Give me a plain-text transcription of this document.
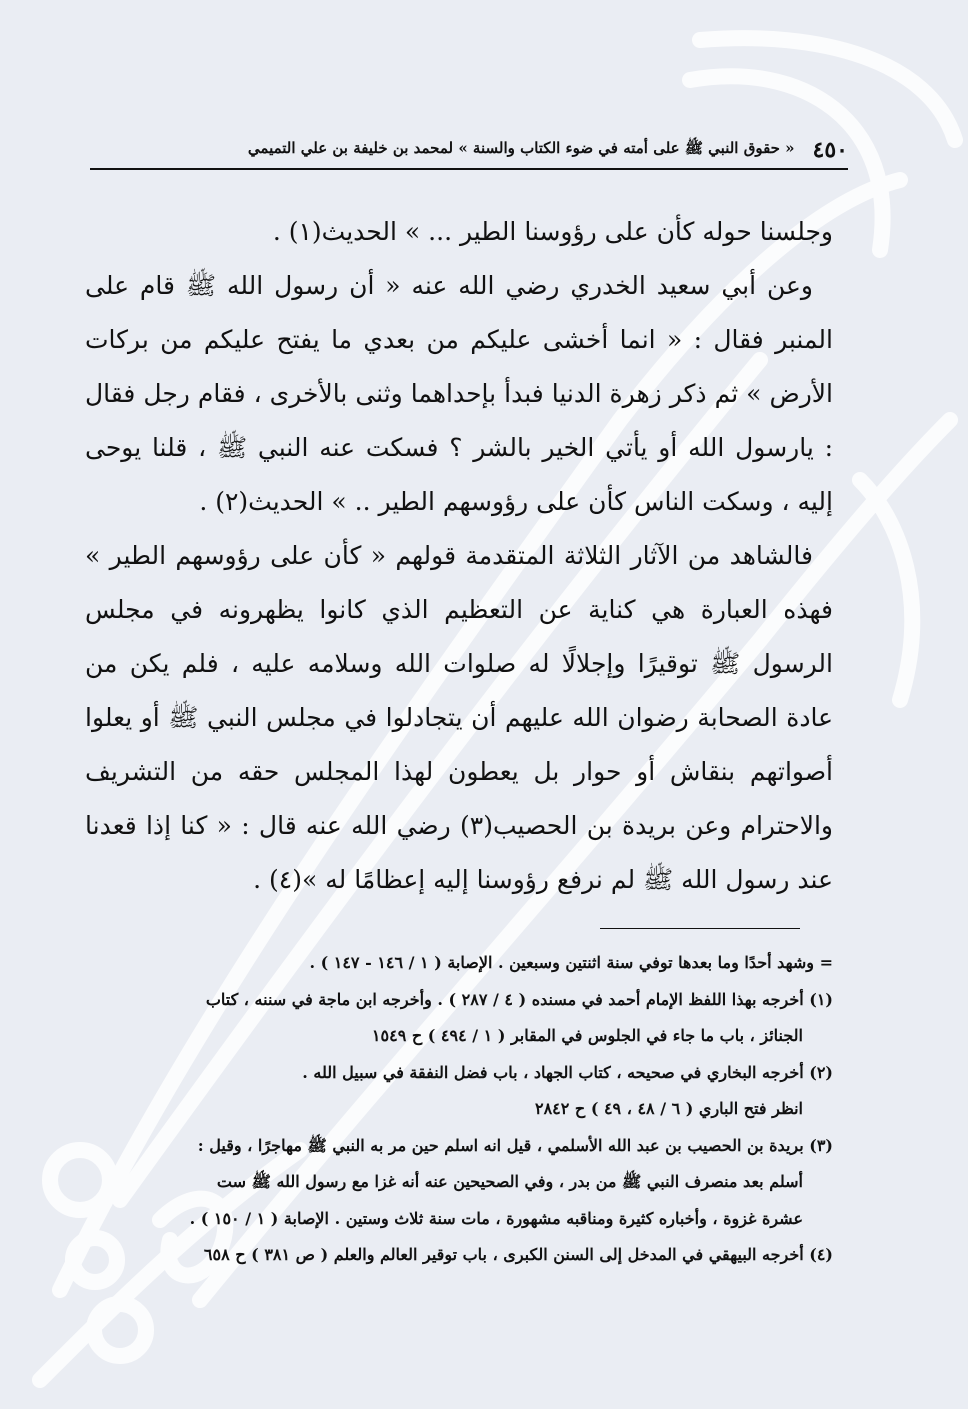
٤٥٠
« حقوق النبي ﷺ على أمته في ضوء الكتاب والسنة » لمحمد بن خليفة بن علي التميمي

وجلسنا حوله كأن على رؤوسنا الطير ... » الحديث(١) .

وعن أبي سعيد الخدري رضي الله عنه « أن رسول الله ﷺ قام على المنبر فقال : « انما أخشى عليكم من بعدي ما يفتح عليكم من بركات الأرض » ثم ذكر زهرة الدنيا فبدأ بإحداهما وثنى بالأخرى ، فقام رجل فقال : يارسول الله أو يأتي الخير بالشر ؟ فسكت عنه النبي ﷺ ، قلنا يوحى إليه ، وسكت الناس كأن على رؤوسهم الطير .. » الحديث(٢) .

فالشاهد من الآثار الثلاثة المتقدمة قولهم « كأن على رؤوسهم الطير » فهذه العبارة هي كناية عن التعظيم الذي كانوا يظهرونه في مجلس الرسول ﷺ توقيرًا وإجلالًا له صلوات الله وسلامه عليه ، فلم يكن من عادة الصحابة رضوان الله عليهم أن يتجادلوا في مجلس النبي ﷺ أو يعلوا أصواتهم بنقاش أو حوار بل يعطون لهذا المجلس حقه من التشريف والاحترام وعن بريدة بن الحصيب(٣) رضي الله عنه قال : « كنا إذا قعدنا عند رسول الله ﷺ لم نرفع رؤوسنا إليه إعظامًا له »(٤) .

= وشهد أحدًا وما بعدها توفي سنة اثنتين وسبعين . الإصابة ( ١ / ١٤٦ - ١٤٧ ) .

(١) أخرجه بهذا اللفظ الإمام أحمد في مسنده ( ٤ / ٢٨٧ ) . وأخرجه ابن ماجة في سننه ، كتاب

الجنائز ، باب ما جاء في الجلوس في المقابر ( ١ / ٤٩٤ ) ح ١٥٤٩

(٢) أخرجه البخاري في صحيحه ، كتاب الجهاد ، باب فضل النفقة في سبيل الله .

انظر فتح الباري ( ٦ / ٤٨ ، ٤٩ ) ح ٢٨٤٢

(٣) بريدة بن الحصيب بن عبد الله الأسلمي ، قيل انه اسلم حين مر به النبي ﷺ مهاجرًا ، وقيل :

أسلم بعد منصرف النبي ﷺ من بدر ، وفي الصحيحين عنه أنه غزا مع رسول الله ﷺ ست

عشرة غزوة ، وأخباره كثيرة ومناقبه مشهورة ، مات سنة ثلاث وستين . الإصابة ( ١ / ١٥٠ ) .

(٤) أخرجه البيهقي في المدخل إلى السنن الكبرى ، باب توقير العالم والعلم ( ص ٣٨١ ) ح ٦٥٨
